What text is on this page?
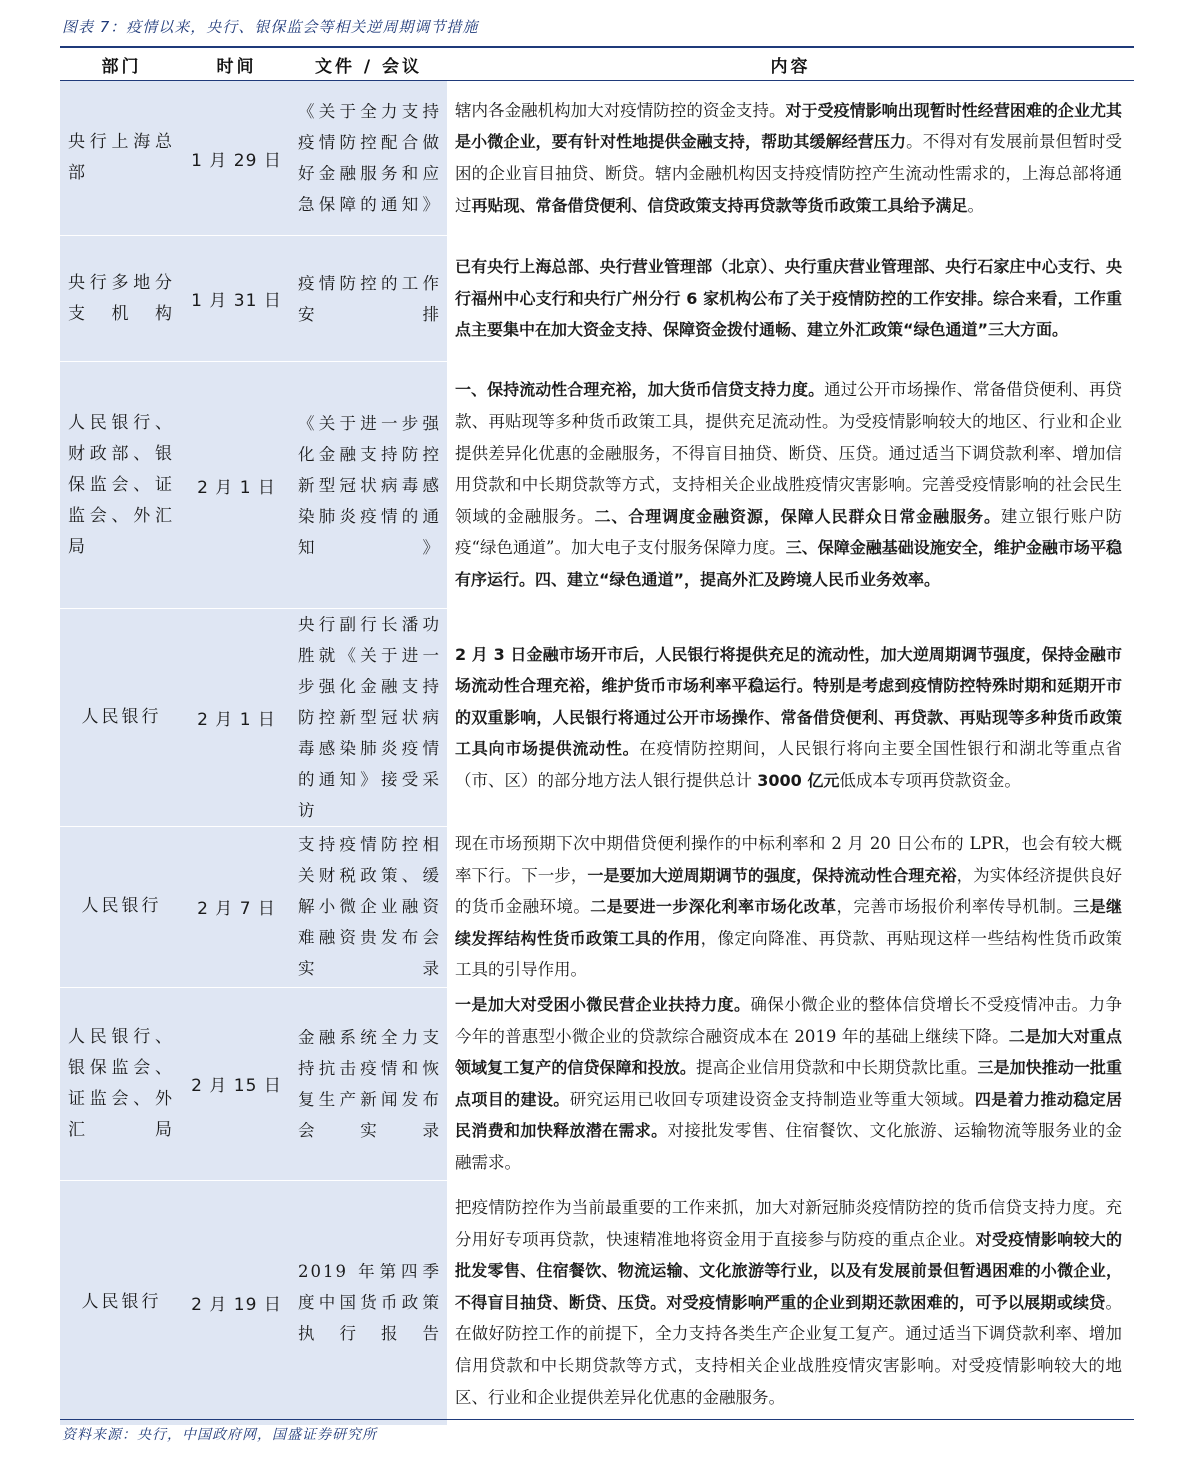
图表 7：疫情以来，央行、银保监会等相关逆周期调节措施
部门	时间	文件 / 会议	内容

央行上海总部	1 月 29 日	《关于全力支持疫情防控配合做好金融服务和应急保障的通知》	辖内各金融机构加大对疫情防控的资金支持。对于受疫情影响出现暂时性经营困难的企业尤其是小微企业，要有针对性地提供金融支持，帮助其缓解经营压力。不得对有发展前景但暂时受困的企业盲目抽贷、断贷。辖内金融机构因支持疫情防控产生流动性需求的，上海总部将通过再贴现、常备借贷便利、信贷政策支持再贷款等货币政策工具给予满足。

央行多地分支机构	1 月 31 日	疫情防控的工作安排	已有央行上海总部、央行营业管理部（北京）、央行重庆营业管理部、央行石家庄中心支行、央行福州中心支行和央行广州分行 6 家机构公布了关于疫情防控的工作安排。综合来看，工作重点主要集中在加大资金支持、保障资金拨付通畅、建立外汇政策“绿色通道”三大方面。

人民银行、财政部、银保监会、证监会、外汇局	2 月 1 日	《关于进一步强化金融支持防控新型冠状病毒感染肺炎疫情的通知》	一、保持流动性合理充裕，加大货币信贷支持力度。通过公开市场操作、常备借贷便利、再贷款、再贴现等多种货币政策工具，提供充足流动性。为受疫情影响较大的地区、行业和企业提供差异化优惠的金融服务，不得盲目抽贷、断贷、压贷。通过适当下调贷款利率、增加信用贷款和中长期贷款等方式，支持相关企业战胜疫情灾害影响。完善受疫情影响的社会民生领域的金融服务。二、合理调度金融资源，保障人民群众日常金融服务。建立银行账户防疫“绿色通道”。加大电子支付服务保障力度。三、保障金融基础设施安全，维护金融市场平稳有序运行。四、建立“绿色通道”，提高外汇及跨境人民币业务效率。

人民银行	2 月 1 日	央行副行长潘功胜就《关于进一步强化金融支持防控新型冠状病毒感染肺炎疫情的通知》接受采访	2 月 3 日金融市场开市后，人民银行将提供充足的流动性，加大逆周期调节强度，保持金融市场流动性合理充裕，维护货币市场利率平稳运行。特别是考虑到疫情防控特殊时期和延期开市的双重影响，人民银行将通过公开市场操作、常备借贷便利、再贷款、再贴现等多种货币政策工具向市场提供流动性。在疫情防控期间，人民银行将向主要全国性银行和湖北等重点省（市、区）的部分地方法人银行提供总计 3000 亿元低成本专项再贷款资金。

人民银行	2 月 7 日	支持疫情防控相关财税政策、缓解小微企业融资难融资贵发布会实录	现在市场预期下次中期借贷便利操作的中标利率和 2 月 20 日公布的 LPR，也会有较大概率下行。下一步，一是要加大逆周期调节的强度，保持流动性合理充裕，为实体经济提供良好的货币金融环境。二是要进一步深化利率市场化改革，完善市场报价利率传导机制。三是继续发挥结构性货币政策工具的作用，像定向降准、再贷款、再贴现这样一些结构性货币政策工具的引导作用。

人民银行、银保监会、证监会、外汇局	2 月 15 日	金融系统全力支持抗击疫情和恢复生产新闻发布会实录	一是加大对受困小微民营企业扶持力度。确保小微企业的整体信贷增长不受疫情冲击。力争今年的普惠型小微企业的贷款综合融资成本在 2019 年的基础上继续下降。二是加大对重点领域复工复产的信贷保障和投放。提高企业信用贷款和中长期贷款比重。三是加快推动一批重点项目的建设。研究运用已收回专项建设资金支持制造业等重大领域。四是着力推动稳定居民消费和加快释放潜在需求。对接批发零售、住宿餐饮、文化旅游、运输物流等服务业的金融需求。

人民银行	2 月 19 日	2019 年第四季度中国货币政策执行报告	把疫情防控作为当前最重要的工作来抓，加大对新冠肺炎疫情防控的货币信贷支持力度。充分用好专项再贷款，快速精准地将资金用于直接参与防疫的重点企业。对受疫情影响较大的批发零售、住宿餐饮、物流运输、文化旅游等行业，以及有发展前景但暂遇困难的小微企业，不得盲目抽贷、断贷、压贷。对受疫情影响严重的企业到期还款困难的，可予以展期或续贷。在做好防控工作的前提下，全力支持各类生产企业复工复产。通过适当下调贷款利率、增加信用贷款和中长期贷款等方式，支持相关企业战胜疫情灾害影响。对受疫情影响较大的地区、行业和企业提供差异化优惠的金融服务。
资料来源：央行，中国政府网，国盛证券研究所
